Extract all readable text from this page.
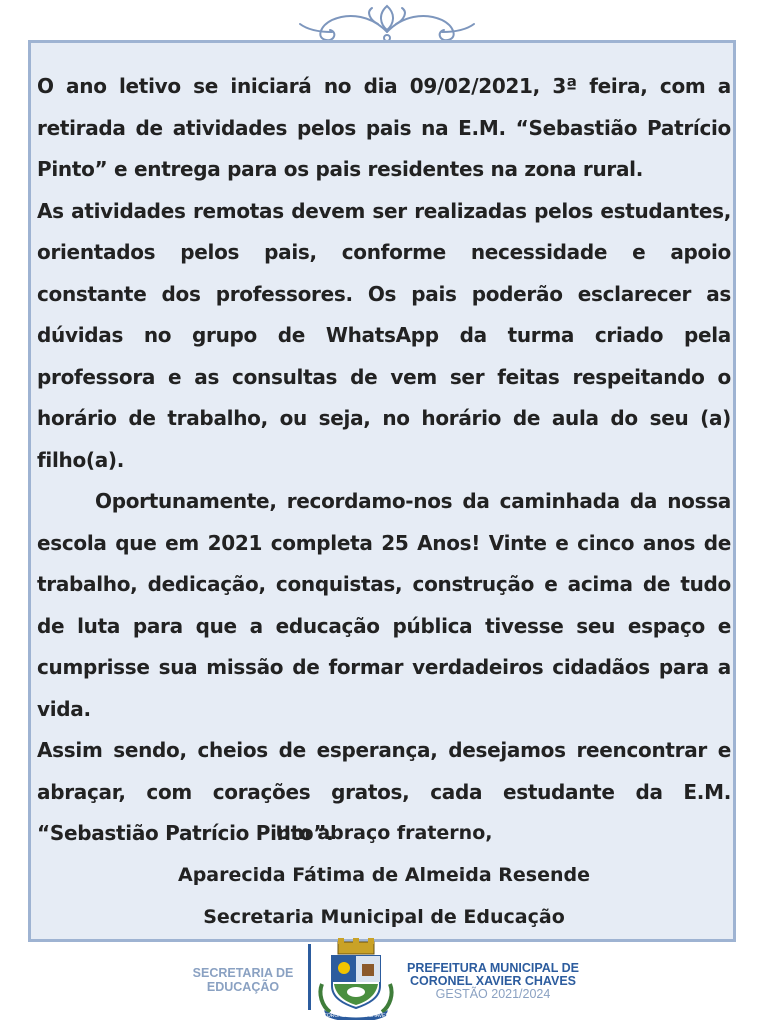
O ano letivo se iniciará no dia 09/02/2021, 3ª feira, com a retirada de atividades pelos pais na E.M. “Sebastião Patrício Pinto” e entrega para os pais residentes na zona rural.

As atividades remotas devem ser realizadas pelos estudantes, orientados pelos pais, conforme necessidade e apoio constante dos professores. Os pais poderão esclarecer as dúvidas no grupo de WhatsApp da turma criado pela professora e as consultas de vem ser feitas respeitando o horário de trabalho, ou seja, no horário de aula do seu (a) filho(a).

Oportunamente, recordamo-nos da caminhada da nossa escola que em 2021 completa 25 Anos! Vinte e cinco anos de trabalho, dedicação, conquistas, construção e acima de tudo de luta para que a educação pública tivesse seu espaço e cumprisse sua missão de formar verdadeiros cidadãos para a vida.

Assim sendo, cheios de esperança, desejamos reencontrar e abraçar, com corações gratos, cada estudante da E.M. “Sebastião Patrício Pinto”.

Um abraço fraterno,
Aparecida Fátima de Almeida Resende
Secretaria Municipal de Educação
SECRETARIA DE
EDUCAÇÃO
CORONEL XAVIER CHAVES
PREFEITURA MUNICIPAL DE
CORONEL XAVIER CHAVES
GESTÃO 2021/2024
